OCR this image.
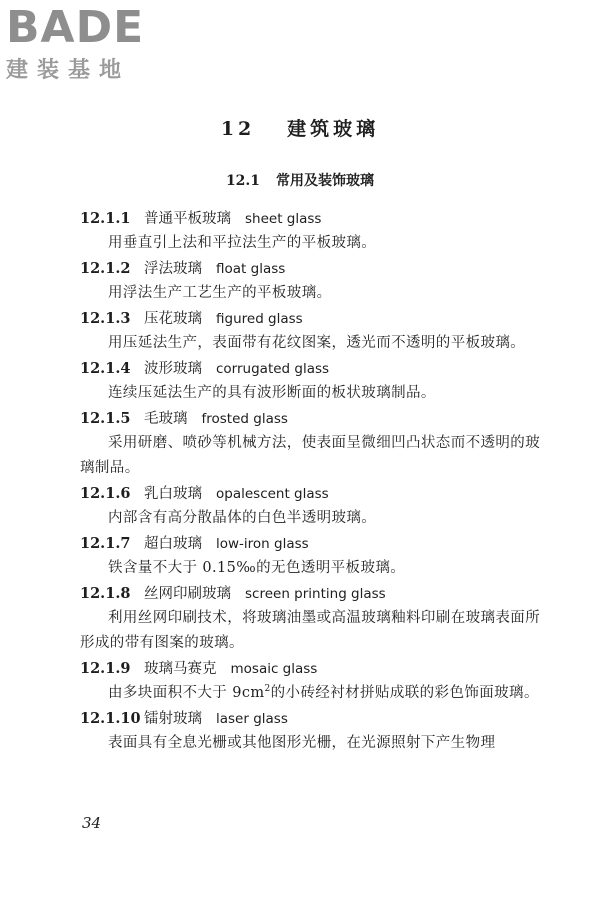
BADE
建装基地
12 建筑玻璃
12.1 常用及装饰玻璃
12.1.1 普通平板玻璃 sheet glass
用垂直引上法和平拉法生产的平板玻璃。
12.1.2 浮法玻璃 float glass
用浮法生产工艺生产的平板玻璃。
12.1.3 压花玻璃 figured glass
用压延法生产，表面带有花纹图案，透光而不透明的平板玻璃。
12.1.4 波形玻璃 corrugated glass
连续压延法生产的具有波形断面的板状玻璃制品。
12.1.5 毛玻璃 frosted glass
采用研磨、喷砂等机械方法，使表面呈微细凹凸状态而不透明的玻璃制品。
12.1.6 乳白玻璃 opalescent glass
内部含有高分散晶体的白色半透明玻璃。
12.1.7 超白玻璃 low-iron glass
铁含量不大于 0.15‰的无色透明平板玻璃。
12.1.8 丝网印刷玻璃 screen printing glass
利用丝网印刷技术，将玻璃油墨或高温玻璃釉料印刷在玻璃表面所形成的带有图案的玻璃。
12.1.9 玻璃马赛克 mosaic glass
由多块面积不大于 $9cm^2$的小砖经衬材拼贴成联的彩色饰面玻璃。
12.1.10 镭射玻璃 laser glass
表面具有全息光栅或其他图形光栅，在光源照射下产生物理
34
